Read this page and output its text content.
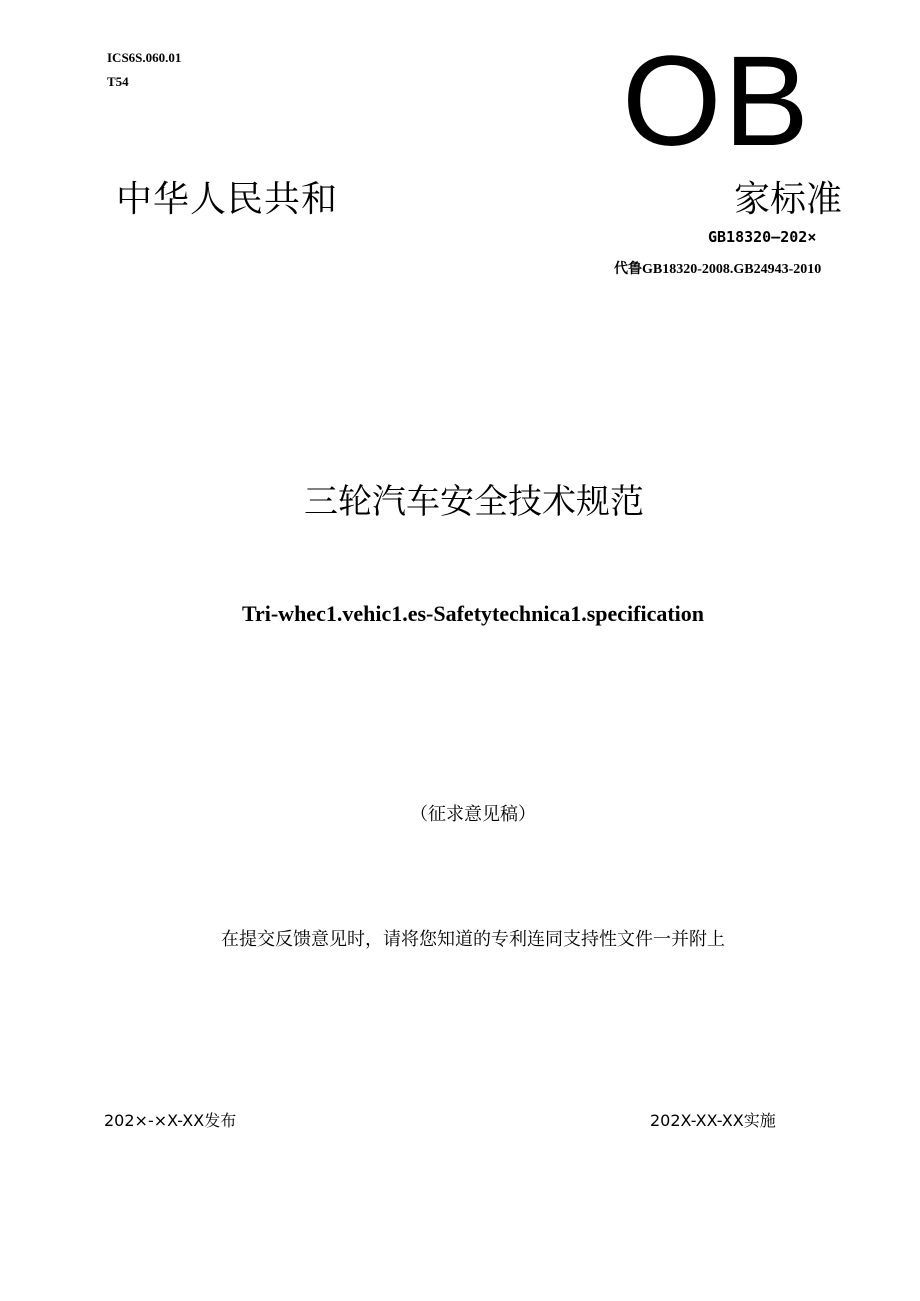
ICS6S.060.01
T54	OB
中华人民共和	家标准
GB18320—202×
代鲁GB18320-2008.GB24943-2010
三轮汽车安全技术规范
Tri-whec1.vehic1.es-Safetytechnica1.specification
（征求意见稿）
在提交反馈意见时，请将您知道的专利连同支持性文件一并附上
202×-×X-XX发布	202X-XX-XX实施
